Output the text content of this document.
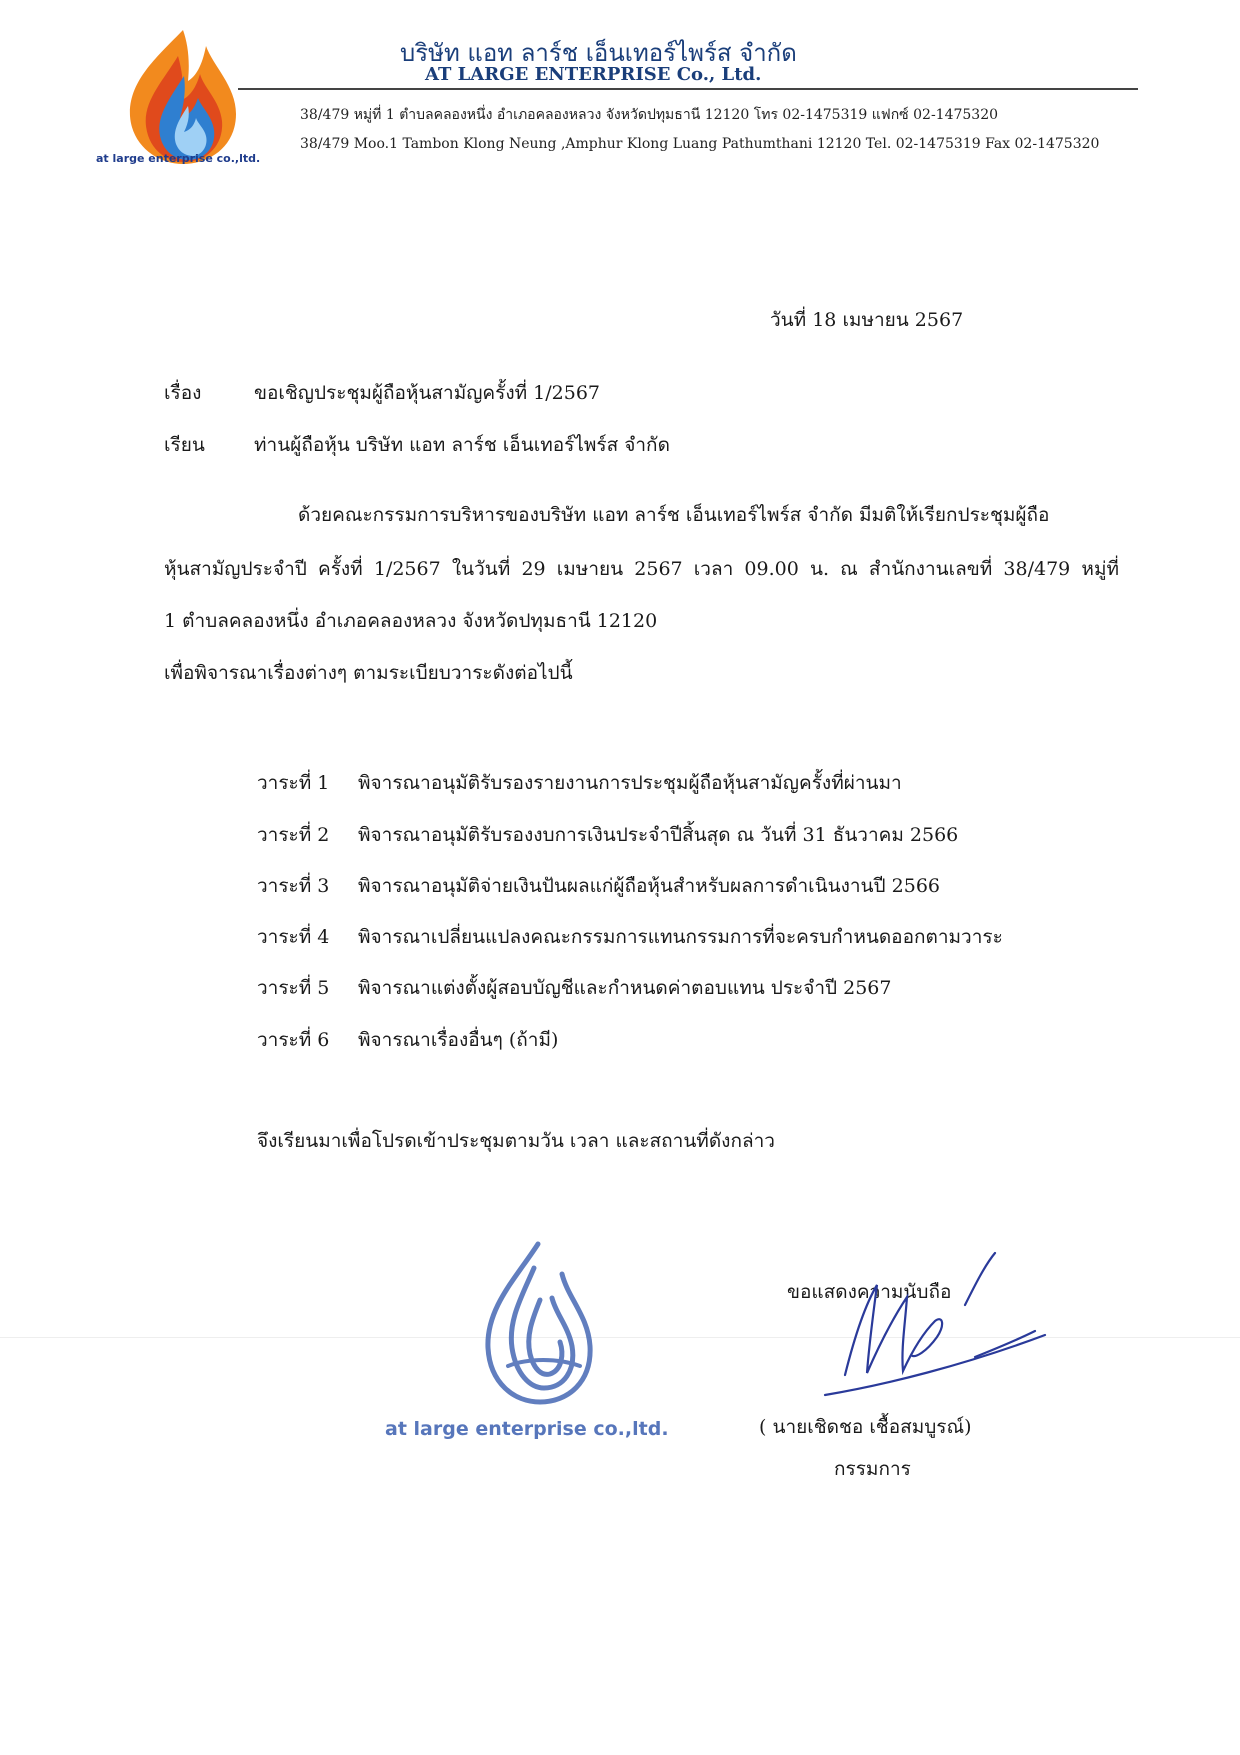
at large enterprise co.,ltd.
บริษัท แอท ลาร์ช เอ็นเทอร์ไพร์ส จำกัด
AT LARGE ENTERPRISE Co., Ltd.
38/479 หมู่ที่ 1 ตำบลคลองหนึ่ง อำเภอคลองหลวง จังหวัดปทุมธานี 12120 โทร 02-1475319 แฟกซ์ 02-1475320
38/479 Moo.1 Tambon Klong Neung ,Amphur Klong Luang Pathumthani 12120 Tel. 02-1475319 Fax 02-1475320
วันที่ 18 เมษายน 2567
เรื่อง	ขอเชิญประชุมผู้ถือหุ้นสามัญครั้งที่ 1/2567
เรียน	ท่านผู้ถือหุ้น บริษัท แอท ลาร์ช เอ็นเทอร์ไพร์ส จำกัด
ด้วยคณะกรรมการบริหารของบริษัท แอท ลาร์ช เอ็นเทอร์ไพร์ส จำกัด มีมติให้เรียกประชุมผู้ถือ
หุ้นสามัญประจำปี ครั้งที่ 1/2567 ในวันที่ 29 เมษายน 2567 เวลา 09.00 น. ณ สำนักงานเลขที่ 38/479 หมู่ที่
1 ตำบลคลองหนึ่ง อำเภอคลองหลวง จังหวัดปทุมธานี 12120
เพื่อพิจารณาเรื่องต่างๆ ตามระเบียบวาระดังต่อไปนี้
วาระที่ 1 พิจารณาอนุมัติรับรองรายงานการประชุมผู้ถือหุ้นสามัญครั้งที่ผ่านมา
วาระที่ 2 พิจารณาอนุมัติรับรองงบการเงินประจำปีสิ้นสุด ณ วันที่ 31 ธันวาคม 2566
วาระที่ 3 พิจารณาอนุมัติจ่ายเงินปันผลแก่ผู้ถือหุ้นสำหรับผลการดำเนินงานปี 2566
วาระที่ 4 พิจารณาเปลี่ยนแปลงคณะกรรมการแทนกรรมการที่จะครบกำหนดออกตามวาระ
วาระที่ 5 พิจารณาแต่งตั้งผู้สอบบัญชีและกำหนดค่าตอบแทน ประจำปี 2567
วาระที่ 6 พิจารณาเรื่องอื่นๆ (ถ้ามี)
จึงเรียนมาเพื่อโปรดเข้าประชุมตามวัน เวลา และสถานที่ดังกล่าว
at large enterprise co.,ltd.
ขอแสดงความนับถือ
( นายเชิดชอ เชื้อสมบูรณ์)
กรรมการ
